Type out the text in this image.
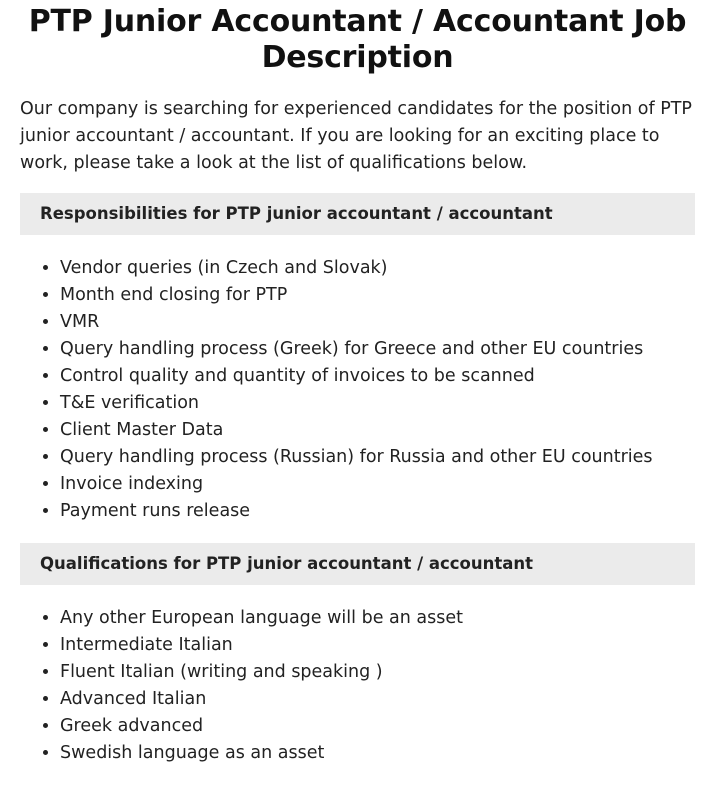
PTP Junior Accountant / Accountant Job Description

Our company is searching for experienced candidates for the position of PTP junior accountant / accountant. If you are looking for an exciting place to work, please take a look at the list of qualifications below.

Responsibilities for PTP junior accountant / accountant
• Vendor queries (in Czech and Slovak)
• Month end closing for PTP
• VMR
• Query handling process (Greek) for Greece and other EU countries
• Control quality and quantity of invoices to be scanned
• T&E verification
• Client Master Data
• Query handling process (Russian) for Russia and other EU countries
• Invoice indexing
• Payment runs release
Qualifications for PTP junior accountant / accountant
• Any other European language will be an asset
• Intermediate Italian
• Fluent Italian (writing and speaking )
• Advanced Italian
• Greek advanced
• Swedish language as an asset
